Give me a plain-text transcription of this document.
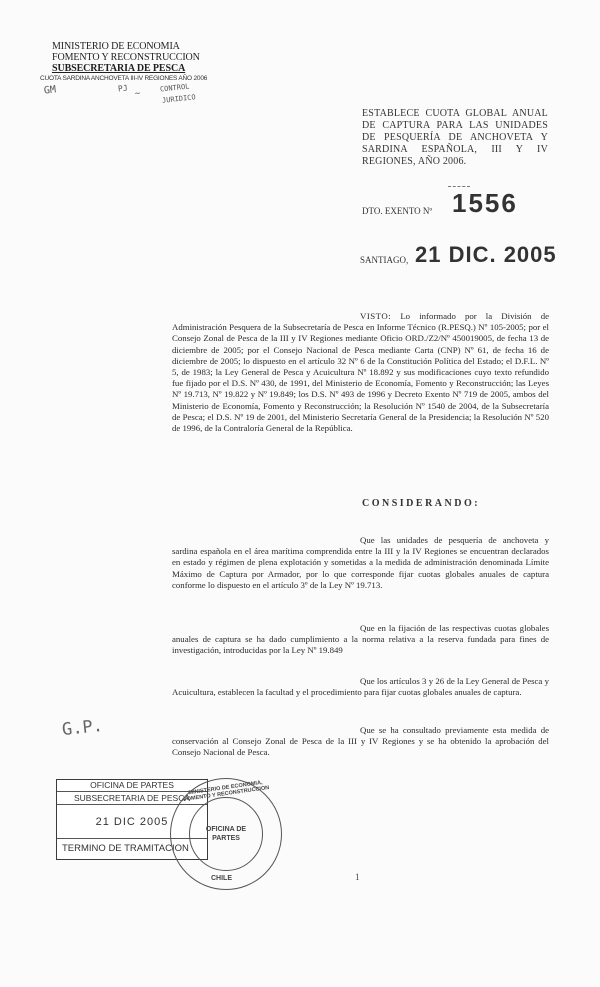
MINISTERIO DE ECONOMIA
FOMENTO Y RECONSTRUCCION
SUBSECRETARIA DE PESCA
CUOTA SARDINA ANCHOVETA III-IV REGIONES AÑO 2006
GM	PJ
~
CONTROL
JURIDICO
ESTABLECE CUOTA GLOBAL ANUAL DE CAPTURA PARA LAS UNIDADES DE PESQUERÍA DE ANCHOVETA Y SARDINA ESPAÑOLA, III Y IV REGIONES, AÑO 2006.
DTO. EXENTO Nº 1556
SANTIAGO, 21 DIC. 2005
VISTO: Lo informado por la División de Administración Pesquera de la Subsecretaría de Pesca en Informe Técnico (R.PESQ.) Nº 105-2005; por el Consejo Zonal de Pesca de la III y IV Regiones mediante Oficio ORD./Z2/Nº 450019005, de fecha 13 de diciembre de 2005; por el Consejo Nacional de Pesca mediante Carta (CNP) Nº 61, de fecha 16 de diciembre de 2005; lo dispuesto en el artículo 32 Nº 6 de la Constitución Política del Estado; el D.F.L. Nº 5, de 1983; la Ley General de Pesca y Acuicultura Nº 18.892 y sus modificaciones cuyo texto refundido fue fijado por el D.S. Nº 430, de 1991, del Ministerio de Economía, Fomento y Reconstrucción; las Leyes Nº 19.713, Nº 19.822 y Nº 19.849; los D.S. Nº 493 de 1996 y Decreto Exento Nº 719 de 2005, ambos del Ministerio de Economía, Fomento y Reconstrucción; la Resolución Nº 1540 de 2004, de la Subsecretaría de Pesca; el D.S. Nº 19 de 2001, del Ministerio Secretaría General de la Presidencia; la Resolución Nº 520 de 1996, de la Contraloría General de la República.
CONSIDERANDO:
Que las unidades de pesquería de anchoveta y sardina española en el área marítima comprendida entre la III y la IV Regiones se encuentran declarados en estado y régimen de plena explotación y sometidas a la medida de administración denominada Límite Máximo de Captura por Armador, por lo que corresponde fijar cuotas globales anuales de captura conforme lo dispuesto en el artículo 3º de la Ley Nº 19.713.
Que en la fijación de las respectivas cuotas globales anuales de captura se ha dado cumplimiento a la norma relativa a la reserva fundada para fines de investigación, introducidas por la Ley Nº 19.849
Que los artículos 3 y 26 de la Ley General de Pesca y Acuicultura, establecen la facultad y el procedimiento para fijar cuotas globales anuales de captura.
Que se ha consultado previamente esta medida de conservación al Consejo Zonal de Pesca de la III y IV Regiones y se ha obtenido la aprobación del Consejo Nacional de Pesca.
G.P.
OFICINA DE PARTES
SUBSECRETARIA DE PESCA
21 DIC 2005
TERMINO DE TRAMITACION
MINISTERIO DE ECONOMIA, FOMENTO Y RECONSTRUCCION
OFICINA DE PARTES
CHILE	1
